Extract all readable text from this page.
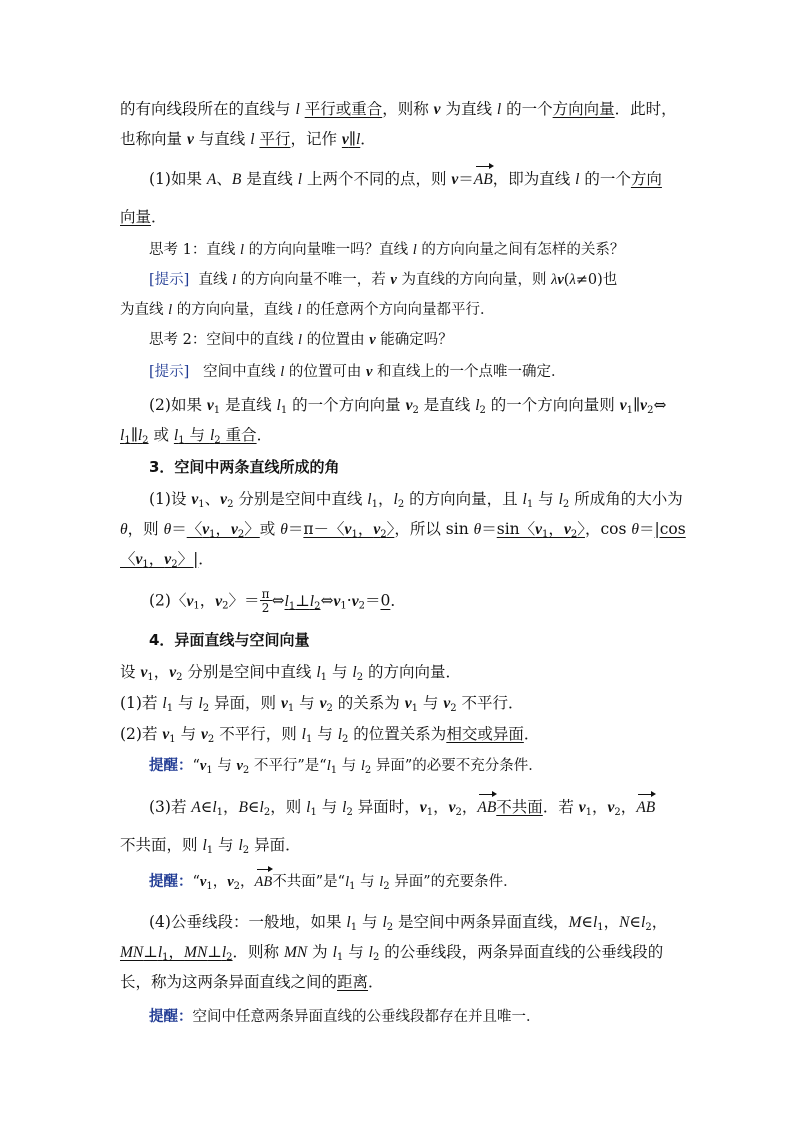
的有向线段所在的直线与 l 平行或重合，则称 v 为直线 l 的一个方向向量．此时，
也称向量 v 与直线 l 平行，记作 v∥l．
(1)如果 A、B 是直线 l 上两个不同的点，则 v＝AB，即为直线 l 的一个方向
向量．
思考 1：直线 l 的方向向量唯一吗？直线 l 的方向向量之间有怎样的关系？
[提示] 直线 l 的方向向量不唯一，若 v 为直线的方向向量，则 λv(λ≠0)也
为直线 l 的方向向量，直线 l 的任意两个方向向量都平行．
思考 2：空间中的直线 l 的位置由 v 能确定吗？
[提示] 空间中直线 l 的位置可由 v 和直线上的一个点唯一确定．
(2)如果 $v_1$ 是直线 $l_1$ 的一个方向向量 $v_2$ 是直线 $l_2$ 的一个方向向量则 $v_1\parallel v_2\Leftrightarrow$
$l_1\parallel l_2$ 或 $l_1$ 与 $l_2$ 重合．
3．空间中两条直线所成的角
(1)设 $v_1$、$v_2$ 分别是空间中直线 $l_1$，$l_2$ 的方向向量，且 $l_1$ 与 $l_2$ 所成角的大小为
θ，则 θ＝〈$v_1$，$v_2$〉或 θ＝π－〈$v_1$，$v_2$〉，所以 sin θ＝sin〈$v_1$，$v_2$〉，cos θ＝|cos
〈$v_1$，$v_2$〉|．
(2)〈$v_1$，$v_2$〉＝ $\frac{\pi}{2}$ $\Leftrightarrow l_1\perp l_2\Leftrightarrow v_1\cdot v_2=0$．
4．异面直线与空间向量
设 $v_1$，$v_2$ 分别是空间中直线 $l_1$ 与 $l_2$ 的方向向量．
(1)若 $l_1$ 与 $l_2$ 异面，则 $v_1$ 与 $v_2$ 的关系为 $v_1$ 与 $v_2$ 不平行．
(2)若 $v_1$ 与 $v_2$ 不平行，则 $l_1$ 与 $l_2$ 的位置关系为相交或异面．
提醒：“$v_1$ 与 $v_2$ 不平行”是“$l_1$ 与 $l_2$ 异面”的必要不充分条件．
(3)若 $A\in l_1$，$B\in l_2$，则 $l_1$ 与 $l_2$ 异面时，$v_1$，$v_2$，AB不共面．若 $v_1$，$v_2$，AB
不共面，则 $l_1$ 与 $l_2$ 异面．
提醒：“$v_1$，$v_2$，AB不共面”是“$l_1$ 与 $l_2$ 异面”的充要条件．
(4)公垂线段：一般地，如果 $l_1$ 与 $l_2$ 是空间中两条异面直线，$M\in l_1$，$N\in l_2$，
$MN\perp l_1$，$MN\perp l_2$．则称 MN 为 $l_1$ 与 $l_2$ 的公垂线段，两条异面直线的公垂线段的
长，称为这两条异面直线之间的距离．
提醒：空间中任意两条异面直线的公垂线段都存在并且唯一．
